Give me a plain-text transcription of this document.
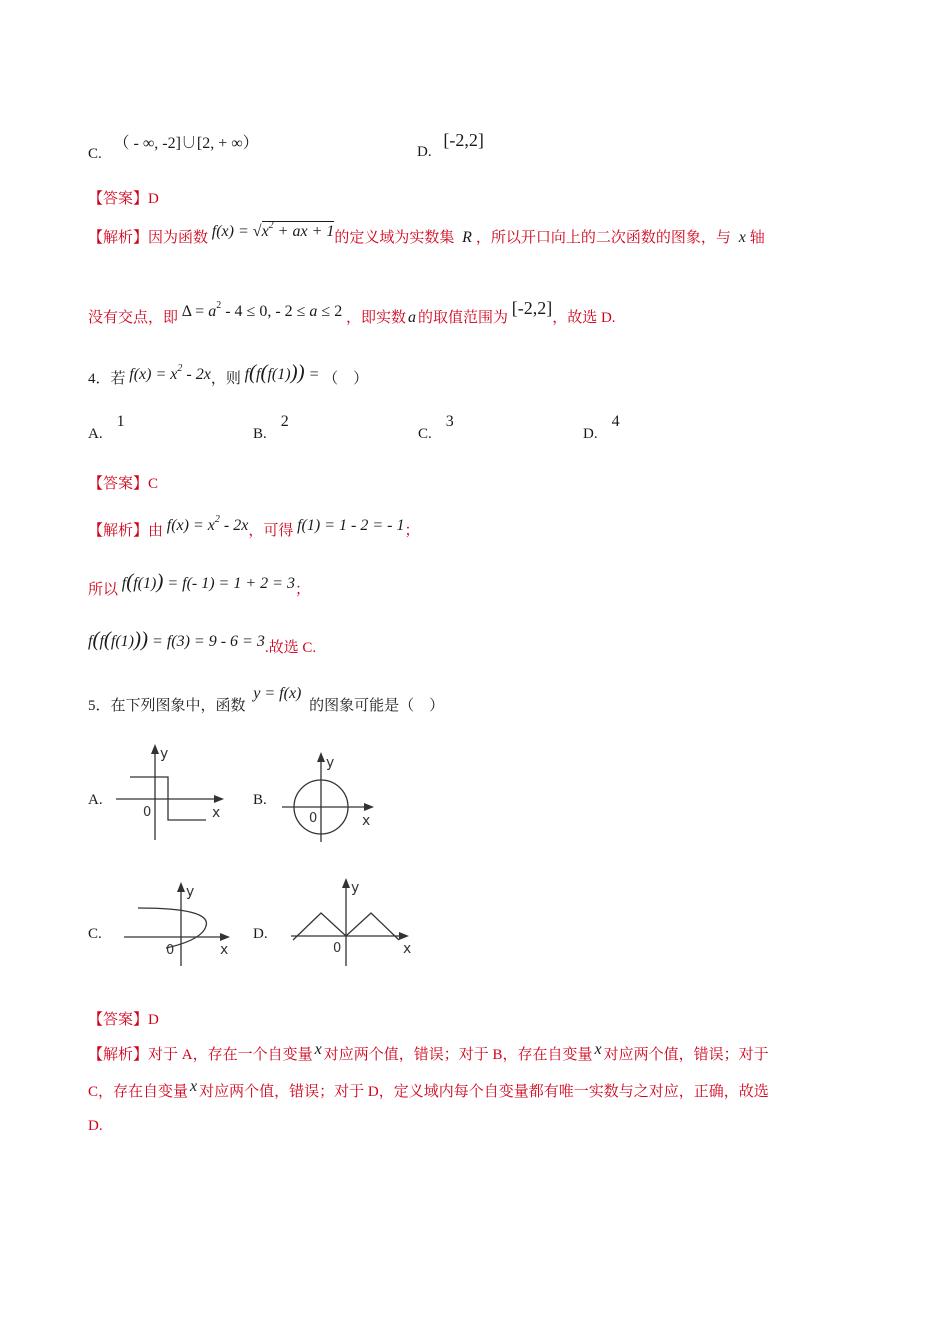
C. （ - ∞, -2]∪[2, + ∞）	D. [-2,2]
【答案】D
【解析】因为函数 $f(x) = √x^2$ + ax + 1的定义域为实数集 R ，所以开口向上的二次函数的图象，与 x 轴
没有交点，即 $\Delta = a^2 - 4 \le 0$, - 2 ≤ a ≤ 2 ，即实数 a 的取值范围为 [-2,2]，故选 D.
4．若 $f(x) = x^2 - 2x$，则 f(f(f(1))) = （　）
A.1
B.2
C.3
D.4
【答案】C
【解析】由 $f(x) = x^2 - 2x$，可得 f(1) = 1 - 2 = - 1；
所以 f(f(1)) = f(- 1) = 1 + 2 = 3；
f(f(f(1))) = f(3) = 9 - 6 = 3.故选 C.
5．在下列图象中，函数 y = f(x) 的图象可能是（　）
A.	B.
C.	D.
y
x
0
y
x
0
y
x
0
y
x
0
【答案】D
【解析】对于 A，存在一个自变量 x 对应两个值，错误；对于 B，存在自变量 x 对应两个值，错误；对于
C，存在自变量 x 对应两个值，错误；对于 D，定义域内每个自变量都有唯一实数与之对应，正确，故选
D.
